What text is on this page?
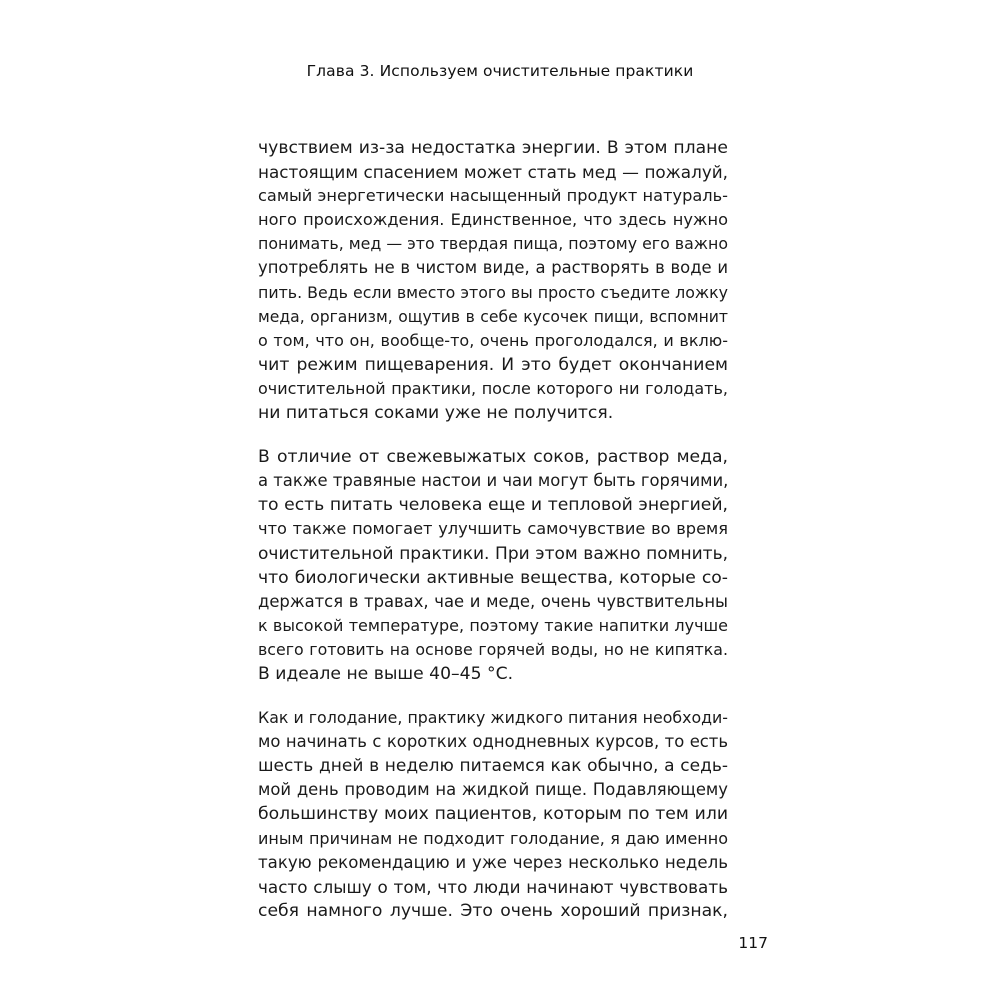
Глава 3. Используем очистительные практики
чувствием из-за недостатка энергии. В этом плане
настоящим спасением может стать мед — пожалуй,
самый энергетически насыщенный продукт натураль-
ного происхождения. Единственное, что здесь нужно
понимать, мед — это твердая пища, поэтому его важно
употреблять не в чистом виде, а растворять в воде и
пить. Ведь если вместо этого вы просто съедите ложку
меда, организм, ощутив в себе кусочек пищи, вспомнит
о том, что он, вообще-то, очень проголодался, и вклю-
чит режим пищеварения. И это будет окончанием
очистительной практики, после которого ни голодать,
ни питаться соками уже не получится.
В отличие от свежевыжатых соков, раствор меда,
а также травяные настои и чаи могут быть горячими,
то есть питать человека еще и тепловой энергией,
что также помогает улучшить самочувствие во время
очистительной практики. При этом важно помнить,
что биологически активные вещества, которые со-
держатся в травах, чае и меде, очень чувствительны
к высокой температуре, поэтому такие напитки лучше
всего готовить на основе горячей воды, но не кипятка.
В идеале не выше 40–45 °C.
Как и голодание, практику жидкого питания необходи-
мо начинать с коротких однодневных курсов, то есть
шесть дней в неделю питаемся как обычно, а седь-
мой день проводим на жидкой пище. Подавляющему
большинству моих пациентов, которым по тем или
иным причинам не подходит голодание, я даю именно
такую рекомендацию и уже через несколько недель
часто слышу о том, что люди начинают чувствовать
себя намного лучше. Это очень хороший признак,
117
